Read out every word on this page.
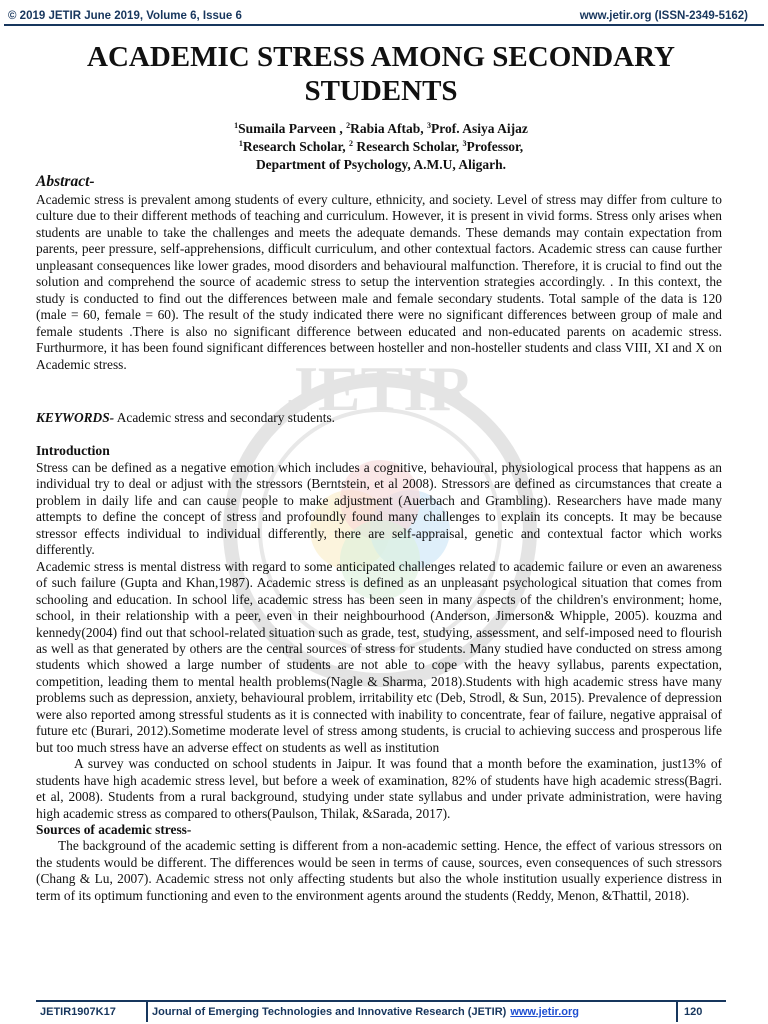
© 2019 JETIR June 2019, Volume 6, Issue 6	www.jetir.org (ISSN-2349-5162)
JETIR
ACADEMIC STRESS AMONG SECONDARY
STUDENTS
$^1$Sumaila Parveen , $^2$Rabia Aftab, $^3$Prof. Asiya Aijaz
$^1$Research Scholar, $^2$ Research Scholar, $^3$Professor,
Department of Psychology, A.M.U, Aligarh.
Abstract-
Academic stress is prevalent among students of every culture, ethnicity, and society. Level of stress may differ from culture to culture due to their different methods of teaching and curriculum. However, it is present in vivid forms. Stress only arises when students are unable to take the challenges and meets the adequate demands. These demands may contain expectation from parents, peer pressure, self-apprehensions, difficult curriculum, and other contextual factors. Academic stress can cause further unpleasant consequences like lower grades, mood disorders and behavioural malfunction. Therefore, it is crucial to find out the solution and comprehend the source of academic stress to setup the intervention strategies accordingly. . In this context, the study is conducted to find out the differences between male and female secondary students. Total sample of the data is 120 (male = 60, female = 60). The result of the study indicated there were no significant differences between group of male and female students .There is also no significant difference between educated and non-educated parents on academic stress. Furthurmore, it has been found significant differences between hosteller and non-hosteller students and class VIII, XI and X on Academic stress.
KEYWORDS- Academic stress and secondary students.
Introduction

Stress can be defined as a negative emotion which includes a cognitive, behavioural, physiological process that happens as an individual try to deal or adjust with the stressors (Berntstein, et al 2008). Stressors are defined as circumstances that create a problem in daily life and can cause people to make adjustment (Auerbach and Grambling). Researchers have made many attempts to define the concept of stress and profoundly found many challenges to explain its concepts. It may be because stressor effects individual to individual differently, there are self-appraisal, genetic and contextual factor which works differently.

Academic stress is mental distress with regard to some anticipated challenges related to academic failure or even an awareness of such failure (Gupta and Khan,1987). Academic stress is defined as an unpleasant psychological situation that comes from schooling and education. In school life, academic stress has been seen in many aspects of the children's environment; home, school, in their relationship with a peer, even in their neighbourhood (Anderson, Jimerson& Whipple, 2005). kouzma and kennedy(2004) find out that school-related situation such as grade, test, studying, assessment, and self-imposed need to flourish as well as that generated by others are the central sources of stress for students. Many studied have conducted on stress among students which showed a large number of students are not able to cope with the heavy syllabus, parents expectation, competition, leading them to mental health problems(Nagle & Sharma, 2018).Students with high academic stress have many problems such as depression, anxiety, behavioural problem, irritability etc (Deb, Strodl, & Sun, 2015). Prevalence of depression were also reported among stressful students as it is connected with inability to concentrate, fear of failure, negative appraisal of future etc (Burari, 2012).Sometime moderate level of stress among students, is crucial to achieving success and prosperous life but too much stress have an adverse effect on students as well as institution

A survey was conducted on school students in Jaipur. It was found that a month before the examination, just13% of students have high academic stress level, but before a week of examination, 82% of students have high academic stress(Bagri. et al, 2008). Students from a rural background, studying under state syllabus and under private administration, were having high academic stress as compared to others(Paulson, Thilak, &Sarada, 2017).

Sources of academic stress-

The background of the academic setting is different from a non-academic setting. Hence, the effect of various stressors on the students would be different. The differences would be seen in terms of cause, sources, even consequences of such stressors (Chang & Lu, 2007). Academic stress not only affecting students but also the whole institution usually experience distress in term of its optimum functioning and even to the environment agents around the students (Reddy, Menon, &Thattil, 2018).

JETIR1907K17	Journal of Emerging Technologies and Innovative Research (JETIR) www.jetir.org	120
